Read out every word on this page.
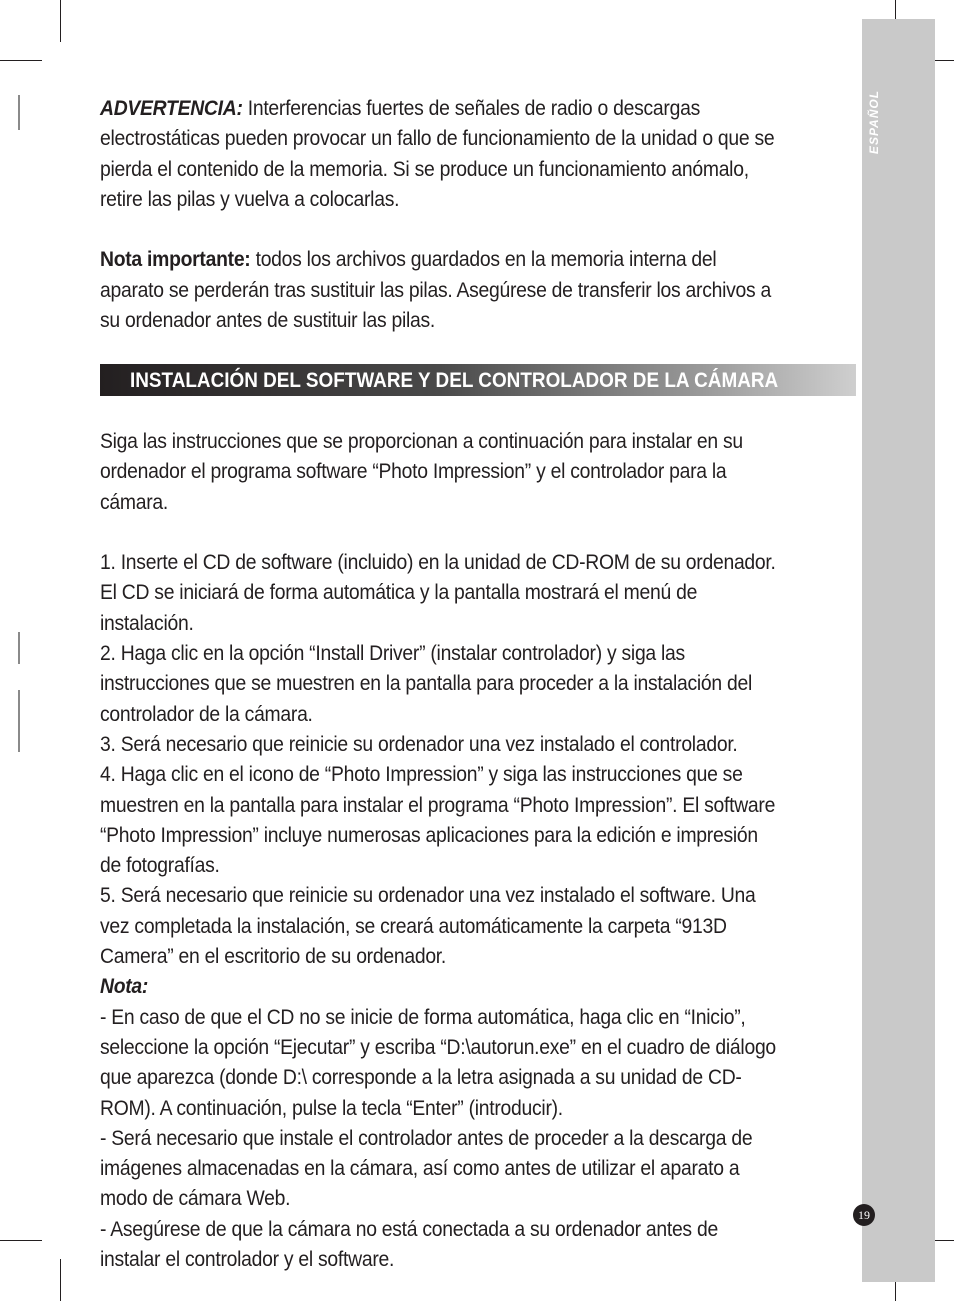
ESPAÑOL

ADVERTENCIA: Interferencias fuertes de señales de radio o descargas electrostáticas pueden provocar un fallo de funcionamiento de la unidad o que se pierda el contenido de la memoria. Si se produce un funcionamiento anómalo, retire las pilas y vuelva a colocarlas.

Nota importante: todos los archivos guardados en la memoria interna del aparato se perderán tras sustituir las pilas. Asegúrese de transferir los archivos a su ordenador antes de sustituir las pilas.

INSTALACIÓN DEL SOFTWARE Y DEL CONTROLADOR DE LA CÁMARA

Siga las instrucciones que se proporcionan a continuación para instalar en su ordenador el programa software “Photo Impression” y el controlador para la cámara.

1. Inserte el CD de software (incluido) en la unidad de CD-ROM de su ordenador. El CD se iniciará de forma automática y la pantalla mostrará el menú de instalación.

2. Haga clic en la opción “Install Driver” (instalar controlador) y siga las instrucciones que se muestren en la pantalla para proceder a la instalación del controlador de la cámara.

3. Será necesario que reinicie su ordenador una vez instalado el controlador.

4. Haga clic en el icono de “Photo Impression” y siga las instrucciones que se muestren en la pantalla para instalar el programa “Photo Impression”. El software “Photo Impression” incluye numerosas aplicaciones para la edición e impresión de fotografías.

5. Será necesario que reinicie su ordenador una vez instalado el software. Una vez completada la instalación, se creará automáticamente la carpeta “913D Camera” en el escritorio de su ordenador.

Nota:

- En caso de que el CD no se inicie de forma automática, haga clic en “Inicio”, seleccione la opción “Ejecutar” y escriba “D:\autorun.exe” en el cuadro de diálogo que aparezca (donde D:\ corresponde a la letra asignada a su unidad de CD-ROM). A continuación, pulse la tecla “Enter” (introducir).

- Será necesario que instale el controlador antes de proceder a la descarga de imágenes almacenadas en la cámara, así como antes de utilizar el aparato a modo de cámara Web.

- Asegúrese de que la cámara no está conectada a su ordenador antes de instalar el controlador y el software.

19
